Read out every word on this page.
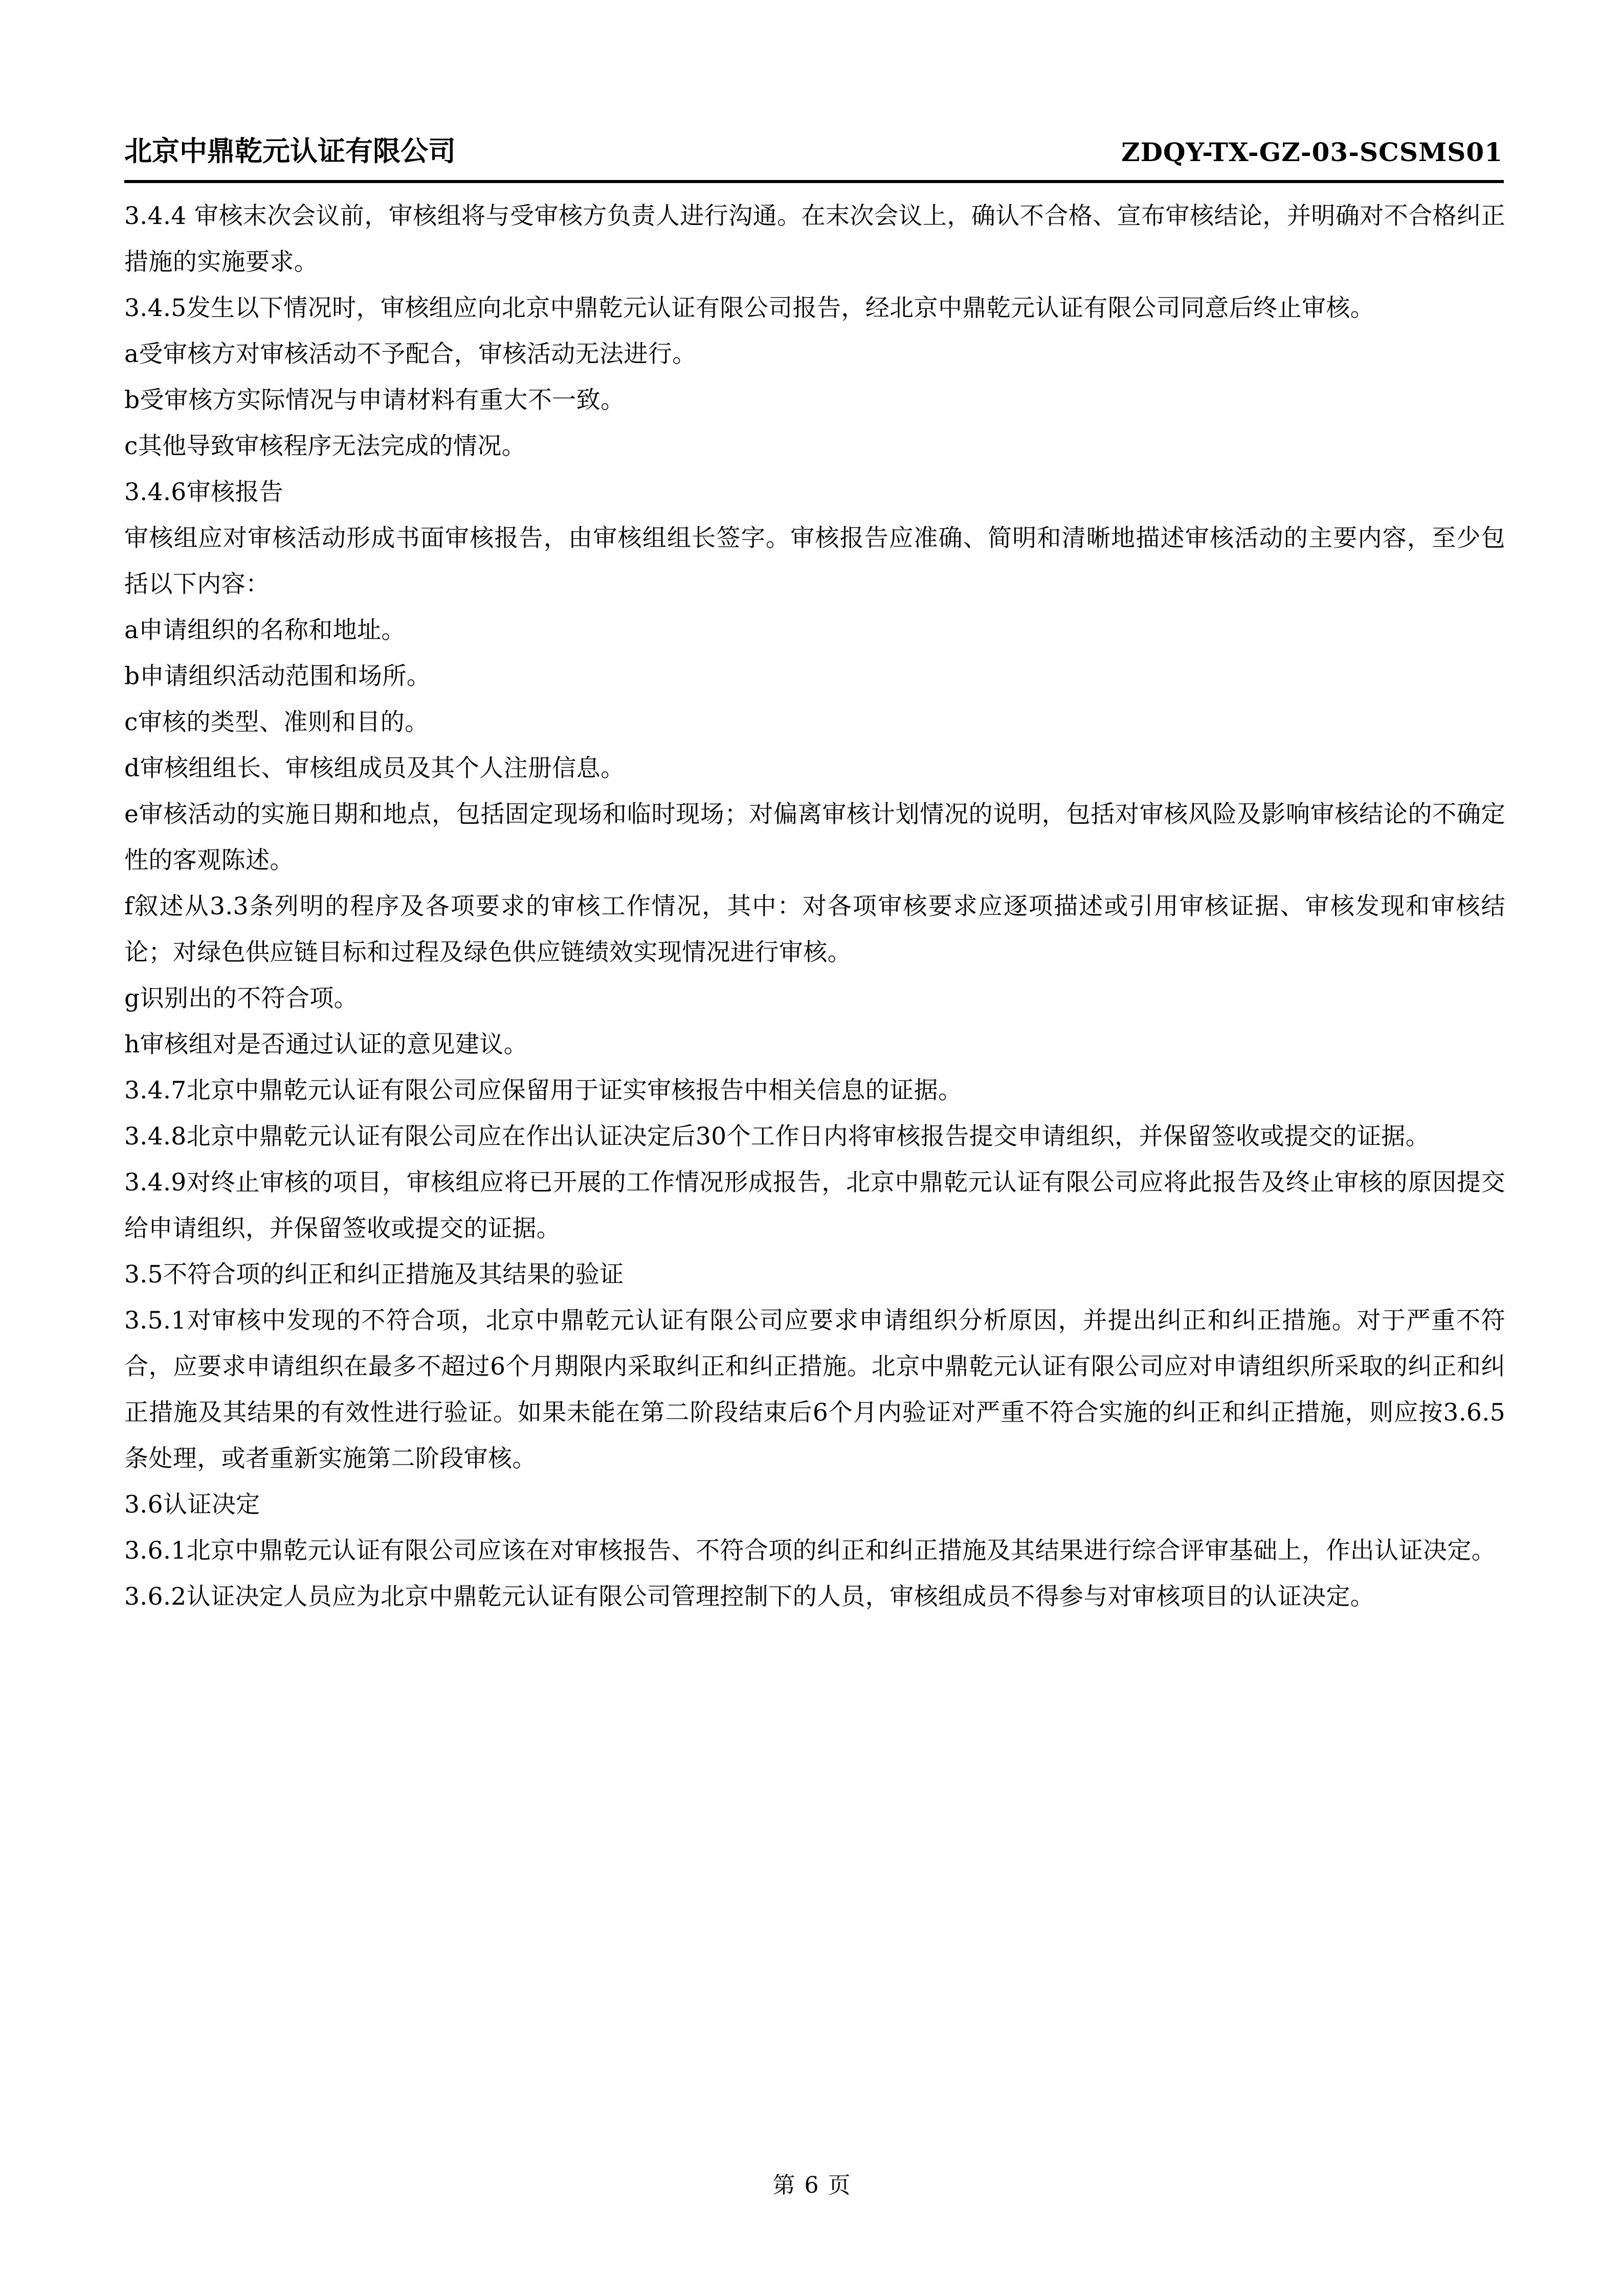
北京中鼎乾元认证有限公司	ZDQY-TX-GZ-03-SCSMS01

3.4.4 审核末次会议前，审核组将与受审核方负责人进行沟通。在末次会议上，确认不合格、宣布审核结论，并明确对不合格纠正措施的实施要求。

3.4.5发生以下情况时，审核组应向北京中鼎乾元认证有限公司报告，经北京中鼎乾元认证有限公司同意后终止审核。

a受审核方对审核活动不予配合，审核活动无法进行。

b受审核方实际情况与申请材料有重大不一致。

c其他导致审核程序无法完成的情况。

3.4.6审核报告

审核组应对审核活动形成书面审核报告，由审核组组长签字。审核报告应准确、简明和清晰地描述审核活动的主要内容，至少包括以下内容：

a申请组织的名称和地址。

b申请组织活动范围和场所。

c审核的类型、准则和目的。

d审核组组长、审核组成员及其个人注册信息。

e审核活动的实施日期和地点，包括固定现场和临时现场；对偏离审核计划情况的说明，包括对审核风险及影响审核结论的不确定性的客观陈述。

f叙述从3.3条列明的程序及各项要求的审核工作情况，其中：对各项审核要求应逐项描述或引用审核证据、审核发现和审核结论；对绿色供应链目标和过程及绿色供应链绩效实现情况进行审核。

g识别出的不符合项。

h审核组对是否通过认证的意见建议。

3.4.7北京中鼎乾元认证有限公司应保留用于证实审核报告中相关信息的证据。

3.4.8北京中鼎乾元认证有限公司应在作出认证决定后30个工作日内将审核报告提交申请组织，并保留签收或提交的证据。

3.4.9对终止审核的项目，审核组应将已开展的工作情况形成报告，北京中鼎乾元认证有限公司应将此报告及终止审核的原因提交给申请组织，并保留签收或提交的证据。

3.5不符合项的纠正和纠正措施及其结果的验证

3.5.1对审核中发现的不符合项，北京中鼎乾元认证有限公司应要求申请组织分析原因，并提出纠正和纠正措施。对于严重不符合，应要求申请组织在最多不超过6个月期限内采取纠正和纠正措施。北京中鼎乾元认证有限公司应对申请组织所采取的纠正和纠正措施及其结果的有效性进行验证。如果未能在第二阶段结束后6个月内验证对严重不符合实施的纠正和纠正措施，则应按3.6.5条处理，或者重新实施第二阶段审核。

3.6认证决定

3.6.1北京中鼎乾元认证有限公司应该在对审核报告、不符合项的纠正和纠正措施及其结果进行综合评审基础上，作出认证决定。

3.6.2认证决定人员应为北京中鼎乾元认证有限公司管理控制下的人员，审核组成员不得参与对审核项目的认证决定。

第 6 页
